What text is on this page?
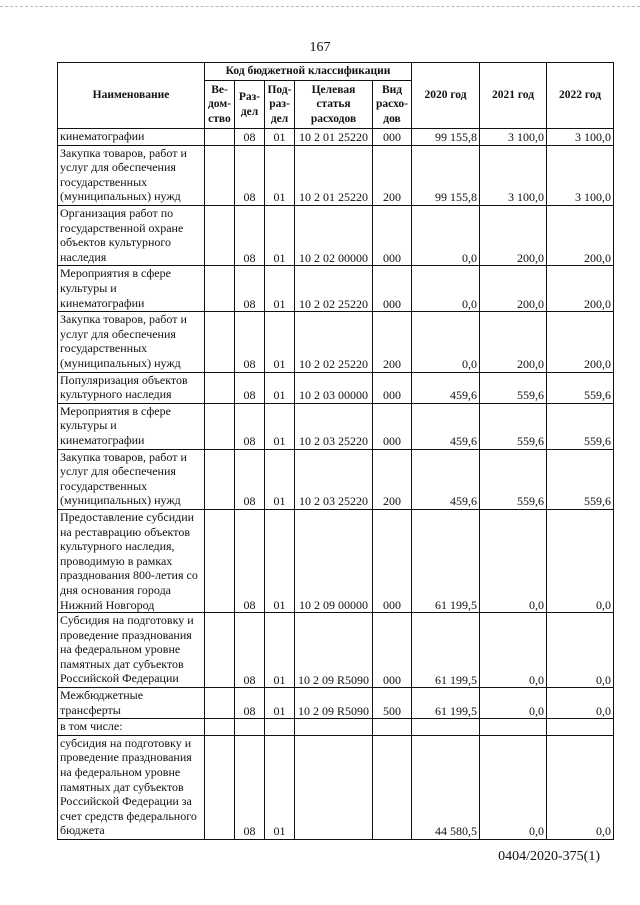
167
Наименование	Код бюджетной классификации					2020 год	2021 год	2022 год
	Ве-дом-ство	Раз-дел	Под-раз-дел	Целевая статья расходов	Вид расхо-дов			
кинематографии		08	01	10 2 01 25220	000	99 155,8	3 100,0	3 100,0
Закупка товаров, работ и услуг для обеспечения государственных (муниципальных) нужд		08	01	10 2 01 25220	200	99 155,8	3 100,0	3 100,0
Организация работ по государственной охране объектов культурного наследия		08	01	10 2 02 00000	000	0,0	200,0	200,0
Мероприятия в сфере культуры и кинематографии		08	01	10 2 02 25220	000	0,0	200,0	200,0
Закупка товаров, работ и услуг для обеспечения государственных (муниципальных) нужд		08	01	10 2 02 25220	200	0,0	200,0	200,0
Популяризация объектов культурного наследия		08	01	10 2 03 00000	000	459,6	559,6	559,6
Мероприятия в сфере культуры и кинематографии		08	01	10 2 03 25220	000	459,6	559,6	559,6
Закупка товаров, работ и услуг для обеспечения государственных (муниципальных) нужд		08	01	10 2 03 25220	200	459,6	559,6	559,6
Предоставление субсидии на реставрацию объектов культурного наследия, проводимую в рамках празднования 800-летия со дня основания города Нижний Новгород		08	01	10 2 09 00000	000	61 199,5	0,0	0,0
Субсидия на подготовку и проведение празднования на федеральном уровне памятных дат субъектов Российской Федерации		08	01	10 2 09 R5090	000	61 199,5	0,0	0,0
Межбюджетные трансферты		08	01	10 2 09 R5090	500	61 199,5	0,0	0,0
в том числе:								
субсидия на подготовку и проведение празднования на федеральном уровне памятных дат субъектов Российской Федерации за счет средств федерального бюджета		08	01			44 580,5	0,0	0,0
0404/2020-375(1)
